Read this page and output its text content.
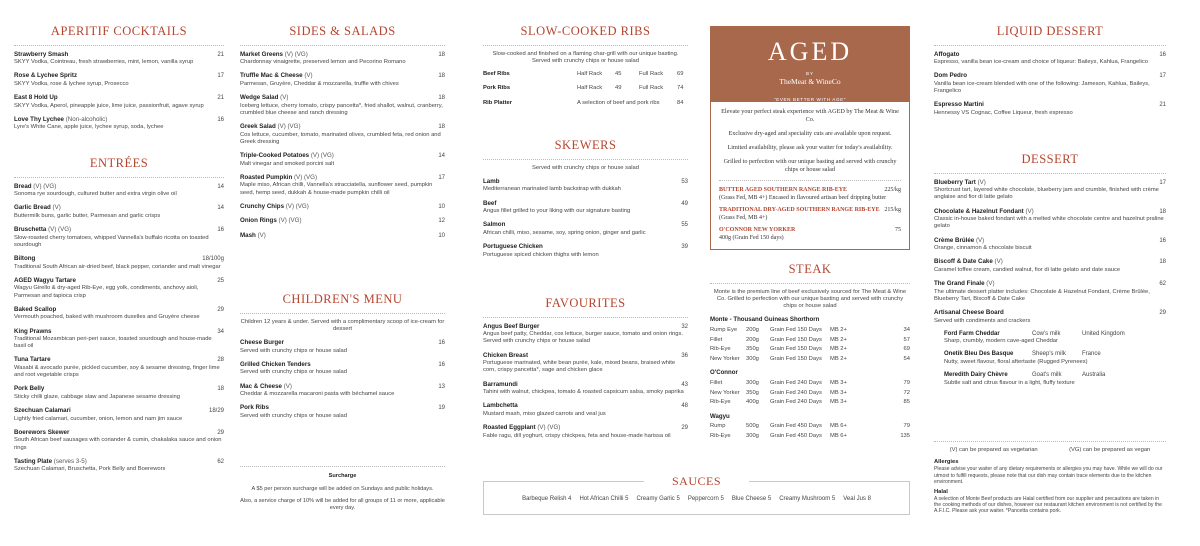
APERITIF COCKTAILS
Strawberry Smash	21
SKYY Vodka, Cointreau, fresh strawberries, mint, lemon, vanilla syrup
Rose & Lychee Spritz	17
SKYY Vodka, rose & lychee syrup, Prosecco
East 8 Hold Up	21
SKYY Vodka, Aperol, pineapple juice, lime juice, passionfruit, agave syrup
Love Thy Lychee (Non-alcoholic)	16
Lyre's White Cane, apple juice, lychee syrup, soda, lychee
ENTRÉES
Bread (V) (VG)	14
Sonoma rye sourdough, cultured butter and extra virgin olive oil
Garlic Bread (V)	14
Buttermilk buns, garlic butter, Parmesan and garlic crisps
Bruschetta (V) (VG)	16
Slow-roasted cherry tomatoes, whipped Vannella's buffalo ricotta on toasted sourdough
Biltong	18/100g
Traditional South African air-dried beef, black pepper, coriander and malt vinegar
AGED Wagyu Tartare	25
Wagyu Girello & dry-aged Rib-Eye, egg yolk, condiments, anchovy aioli, Parmesan and tapioca crisp
Baked Scallop	29
Vermouth poached, baked with mushroom duxelles and Gruyère cheese
King Prawns	34
Traditional Mozambican peri-peri sauce, toasted sourdough and house-made basil oil
Tuna Tartare	28
Wasabi & avocado purée, pickled cucumber, soy & sesame dressing, finger lime and root vegetable crisps
Pork Belly	18
Sticky chilli glaze, cabbage slaw and Japanese sesame dressing
Szechuan Calamari	18/29
Lightly fried calamari, cucumber, onion, lemon and nam jim sauce
Boerewors Skewer	29
South African beef sausages with coriander & cumin, chakalaka sauce and onion rings
Tasting Plate (serves 3-5)	62
Szechuan Calamari, Bruschetta, Pork Belly and Boerewors
SIDES & SALADS
Market Greens (V) (VG)	18
Chardonnay vinaigrette, preserved lemon and Pecorino Romano
Truffle Mac & Cheese (V)	18
Parmesan, Gruyère, Cheddar & mozzarella, truffle with chives
Wedge Salad (V)	18
Iceberg lettuce, cherry tomato, crispy pancetta*, fried shallot, walnut, cranberry, crumbled blue cheese and ranch dressing
Greek Salad (V) (VG)	18
Cos lettuce, cucumber, tomato, marinated olives, crumbled feta, red onion and Greek dressing
Triple-Cooked Potatoes (V) (VG)	14
Malt vinegar and smoked porcini salt
Roasted Pumpkin (V) (VG)	17
Maple miso, African chilli, Vannella's stracciatella, sunflower seed, pumpkin seed, hemp seed, dukkah & house-made pumpkin chilli oil
Crunchy Chips (V) (VG)	10
Onion Rings (V) (VG)	12
Mash (V)	10
CHILDREN'S MENU
Children 12 years & under. Served with a complimentary scoop of ice-cream for dessert
Cheese Burger	16
Served with crunchy chips or house salad
Grilled Chicken Tenders	16
Served with crunchy chips or house salad
Mac & Cheese (V)	13
Cheddar & mozzarella macaroni pasta with béchamel sauce
Pork Ribs	19
Served with crunchy chips or house salad
Surcharge

A $5 per person surcharge will be added on Sundays and public holidays.

Also, a service charge of 10% will be added for all groups of 11 or more, applicable every day.

SLOW-COOKED RIBS
Slow-cooked and finished on a flaming char-grill with our unique basting. Served with crunchy chips or house salad
Beef Ribs	Half Rack	45	Full Rack	69
Pork Ribs	Half Rack	49	Full Rack	74
Rib Platter	A selection of beef and pork ribs	84
SKEWERS
Served with crunchy chips or house salad
Lamb	53
Mediterranean marinated lamb backstrap with dukkah
Beef	49
Angus fillet grilled to your liking with our signature basting
Salmon	55
African chilli, miso, sesame, soy, spring onion, ginger and garlic
Portuguese Chicken	39
Portuguese spiced chicken thighs with lemon
FAVOURITES
Angus Beef Burger	32
Angus beef patty, Cheddar, cos lettuce, burger sauce, tomato and onion rings. Served with crunchy chips or house salad
Chicken Breast	36
Portuguese marinated, white bean purée, kale, mixed beans, braised white corn, crispy pancetta*, sage and chicken glace
Barramundi	43
Tahini with walnut, chickpea, tomato & roasted capsicum salsa, smoky paprika
Lambchetta	48
Mustard mash, miso glazed carrots and veal jus
Roasted Eggplant (V) (VG)	29
Fable ragu, dill yoghurt, crispy chickpea, feta and house-made harissa oil
AGED
BY
TheMeat & WineCo
"EVEN BETTER WITH AGE"
Elevate your perfect steak experience with AGED by The Meat & Wine Co.
Exclusive dry-aged and speciality cuts are available upon request.
Limited availability, please ask your waiter for today's availability.
Grilled to perfection with our unique basting and served with crunchy chips or house salad
BUTTER AGED SOUTHERN RANGE RIB-EYE	225/kg
(Grass Fed, MB 4+) Encased in flavoured artisan beef dripping butter
TRADITIONAL DRY-AGED SOUTHERN RANGE RIB-EYE 215/kg
(Grass Fed, MB 4+)
O'CONNOR NEW YORKER	75
400g (Grain Fed 150 days)
STEAK
Monte is the premium line of beef exclusively sourced for The Meat & Wine Co. Grilled to perfection with our unique basting and served with crunchy chips or house salad
Monte - Thousand Guineas Shorthorn
Rump Eye	200g	Grain Fed 150 Days	MB 2+	34
Fillet	200g	Grain Fed 150 Days	MB 2+	57
Rib-Eye	350g	Grain Fed 150 Days	MB 2+	69
New Yorker	300g	Grain Fed 150 Days	MB 2+	54
O'Connor
Fillet	300g	Grain Fed 240 Days	MB 3+	79
New Yorker	350g	Grain Fed 240 Days	MB 3+	72
Rib-Eye	400g	Grain Fed 240 Days	MB 3+	85
Wagyu
Rump	500g	Grain Fed 450 Days	MB 6+	79
Rib-Eye	300g	Grain Fed 450 Days	MB 6+	135
LIQUID DESSERT
Affogato	16
Espresso, vanilla bean ice-cream and choice of liqueur: Baileys, Kahlua, Frangelico
Dom Pedro	17
Vanilla bean ice-cream blended with one of the following: Jameson, Kahlua, Baileys, Frangelico
Espresso Martini	21
Hennessy VS Cognac, Coffee Liqueur, fresh espresso
DESSERT
Blueberry Tart (V)	17
Shortcrust tart, layered white chocolate, blueberry jam and crumble, finished with crème anglaise and fior di latte gelato
Chocolate & Hazelnut Fondant (V)	18
Classic in-house baked fondant with a melted white chocolate centre and hazelnut praline gelato
Crème Brûlée (V)	16
Orange, cinnamon & chocolate biscuit
Biscoff & Date Cake (V)	18
Caramel toffee cream, candied walnut, fior di latte gelato and date sauce
The Grand Finale (V)	62
The ultimate dessert platter includes: Chocolate & Hazelnut Fondant, Crème Brûlée, Blueberry Tart, Biscoff & Date Cake
Artisanal Cheese Board	29
Served with condiments and crackers
Ford Farm Cheddar	Cow's milk	United Kingdom
Sharp, crumbly, modern cave-aged Cheddar
Onetik Bleu Des Basque	Sheep's milk	France
Nutty, sweet flavour, floral aftertaste (Rugged Pyrenees)
Meredith Dairy Chèvre	Goat's milk	Australia
Subtle salt and citrus flavour in a light, fluffy texture
(V) can be prepared as vegetarian	(VG) can be prepared as vegan
Allergies
Please advise your waiter of any dietary requirements or allergies you may have. While we will do our utmost to fulfill requests, please note that our dish may contain trace elements due to the kitchen environment.
Halal
A selection of Monte Beef products are Halal certified from our supplier and precautions are taken in the cooking methods of our dishes, however our restaurant kitchen environment is not certified by the A.F.I.C. Please ask your waiter. *Pancetta contains pork.
SAUCES
Barbeque Relish 4 Hot African Chilli 5 Creamy Garlic 5 Peppercorn 5 Blue Cheese 5 Creamy Mushroom 5 Veal Jus 8
